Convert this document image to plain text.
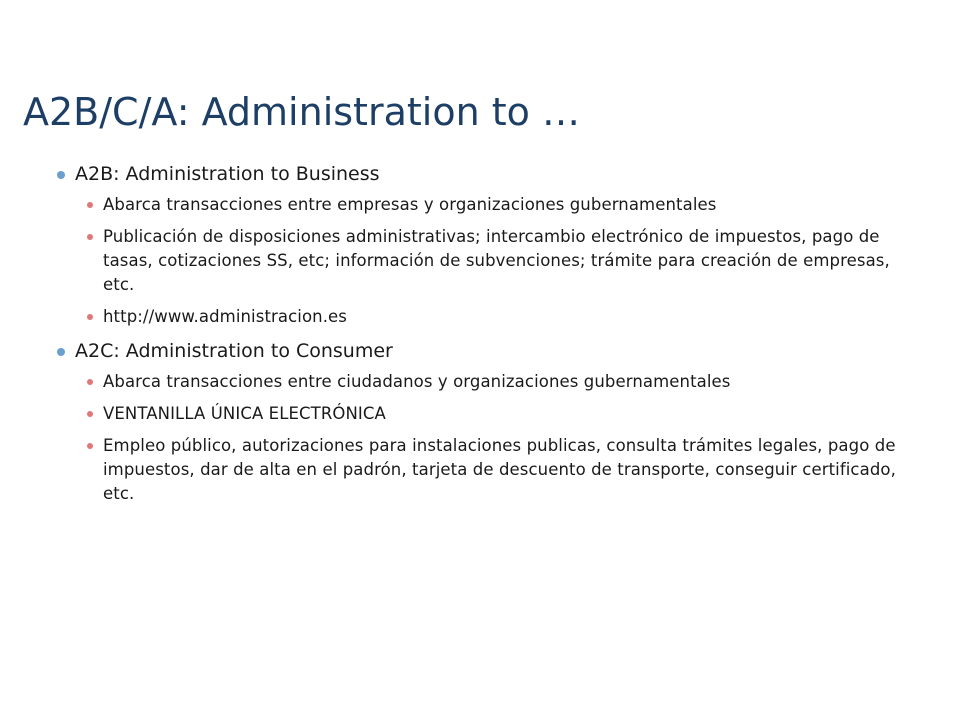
A2B/C/A: Administration to …
A2B: Administration to Business
Abarca transacciones entre empresas y organizaciones gubernamentales
Publicación de disposiciones administrativas; intercambio electrónico de impuestos, pago de tasas, cotizaciones SS, etc; información de subvenciones; trámite para creación de empresas, etc.
http://www.administracion.es
A2C: Administration to Consumer
Abarca transacciones entre ciudadanos y organizaciones gubernamentales
VENTANILLA ÚNICA ELECTRÓNICA
Empleo público, autorizaciones para instalaciones publicas, consulta trámites legales, pago de impuestos, dar de alta en el padrón, tarjeta de descuento de transporte, conseguir certificado, etc.
